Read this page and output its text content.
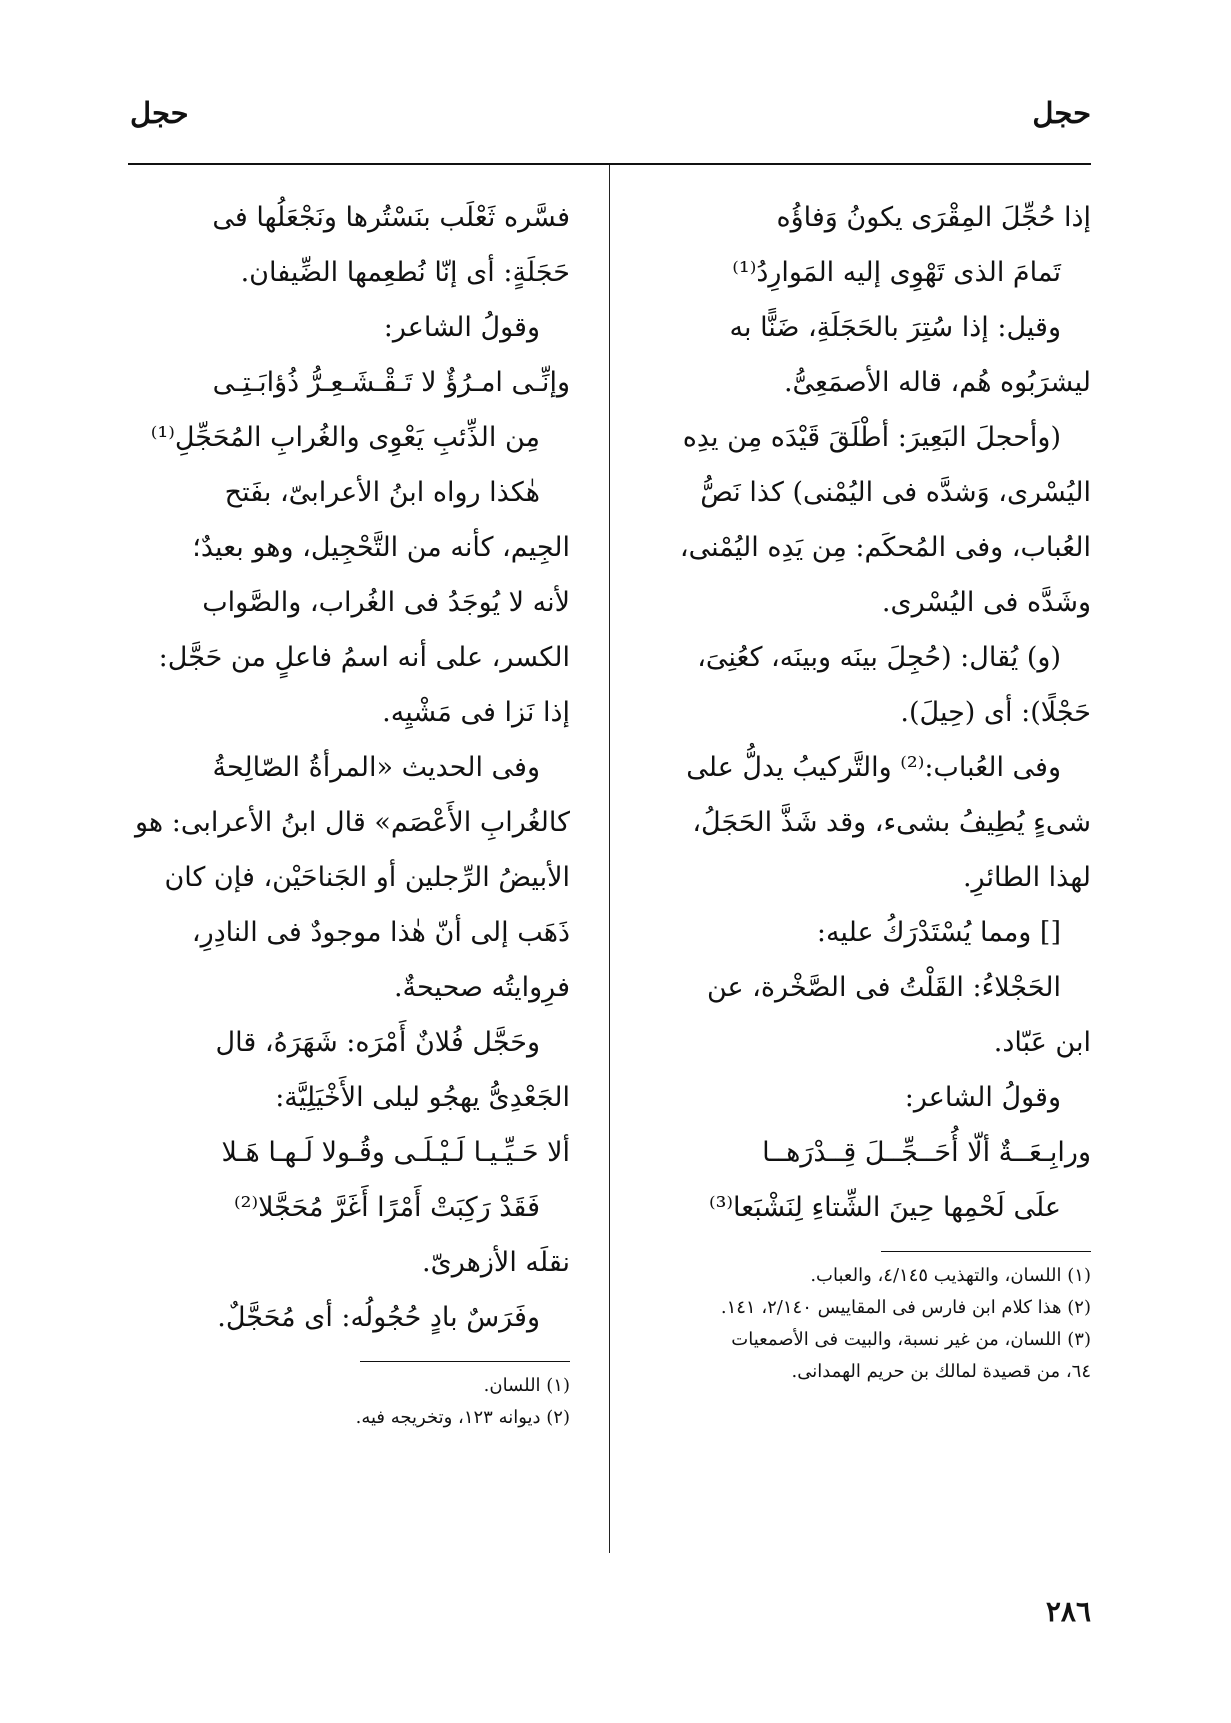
حجل
حجل
إذا حُجِّلَ المِقْرَى يكونُ وَفاؤُه
تَمامَ الذى تَهْوِى إليه المَوارِدُ⁽¹⁾
وقيل: إذا سُتِرَ بالحَجَلَةِ، ضَنًّا به
ليشرَبُوه هُم، قاله الأصمَعِىُّ.
(وأحجلَ البَعِيرَ: أطْلَقَ قَيْدَه مِن يدِه
اليُسْرى، وَشدَّه فى اليُمْنى) كذا نَصُّ
العُباب، وفى المُحكَم: مِن يَدِه اليُمْنى،
وشَدَّه فى اليُسْرى.
(و) يُقال: (حُجِلَ بينَه وبينَه، كعُنِىَ،
حَجْلًا): أى (حِيلَ).
وفى العُباب:⁽²⁾ والتَّركيبُ يدلُّ على
شىءٍ يُطِيفُ بشىء، وقد شَذَّ الحَجَلُ،
لهذا الطائرِ.
[] ومما يُسْتَدْرَكُ عليه:
الحَجْلاءُ: القَلْتُ فى الصَّخْرة، عن
ابن عَبّاد.
وقولُ الشاعر:
ورابِـعَــةٌ ألّا أُحَــجِّــلَ قِــدْرَهــا
علَى لَحْمِها حِينَ الشِّتاءِ لِنَشْبَعا⁽³⁾
(١) اللسان، والتهذيب ٤/١٤٥، والعباب.
(٢) هذا كلام ابن فارس فى المقاييس ٢/١٤٠، ١٤١.
(٣) اللسان، من غير نسبة، والبيت فى الأصمعيات
٦٤، من قصيدة لمالك بن حريم الهمدانى.
فسَّره ثَعْلَب بنَسْتُرها ونَجْعَلُها فى
حَجَلَةٍ: أى إنّا نُطعِمها الضِّيفان.
وقولُ الشاعر:
وإنِّـى امـرُؤٌ لا تَـقْـشَـعِـرُّ ذُؤابَـتِـى
مِن الذِّئبِ يَعْوِى والغُرابِ المُحَجِّلِ⁽¹⁾
هٰكذا رواه ابنُ الأعرابىّ، بفَتح
الجِيم، كأنه من التَّحْجِيل، وهو بعيدٌ؛
لأنه لا يُوجَدُ فى الغُراب، والصَّواب
الكسر، على أنه اسمُ فاعلٍ من حَجَّل:
إذا نَزا فى مَشْيِه.
وفى الحديث «المرأةُ الصّالِحةُ
كالغُرابِ الأَعْصَم» قال ابنُ الأعرابى: هو
الأبيضُ الرِّجلين أو الجَناحَيْن، فإن كان
ذَهَب إلى أنّ هٰذا موجودٌ فى النادِرِ،
فرِوايتُه صحيحةٌ.
وحَجَّل فُلانٌ أَمْرَه: شَهَرَهُ، قال
الجَعْدِىُّ يهجُو ليلى الأَخْيَلِيَّة:
ألا حَـيِّـيـا لَـيْـلَـى وقُـولا لَـهـا هَـلا
فَقَدْ رَكِبَتْ أَمْرًا أَغَرَّ مُحَجَّلا⁽²⁾
نقلَه الأزهرىّ.
وفَرَسٌ بادٍ حُجُولُه: أى مُحَجَّلٌ.
(١) اللسان.
(٢) ديوانه ١٢٣، وتخريجه فيه.
٢٨٦
